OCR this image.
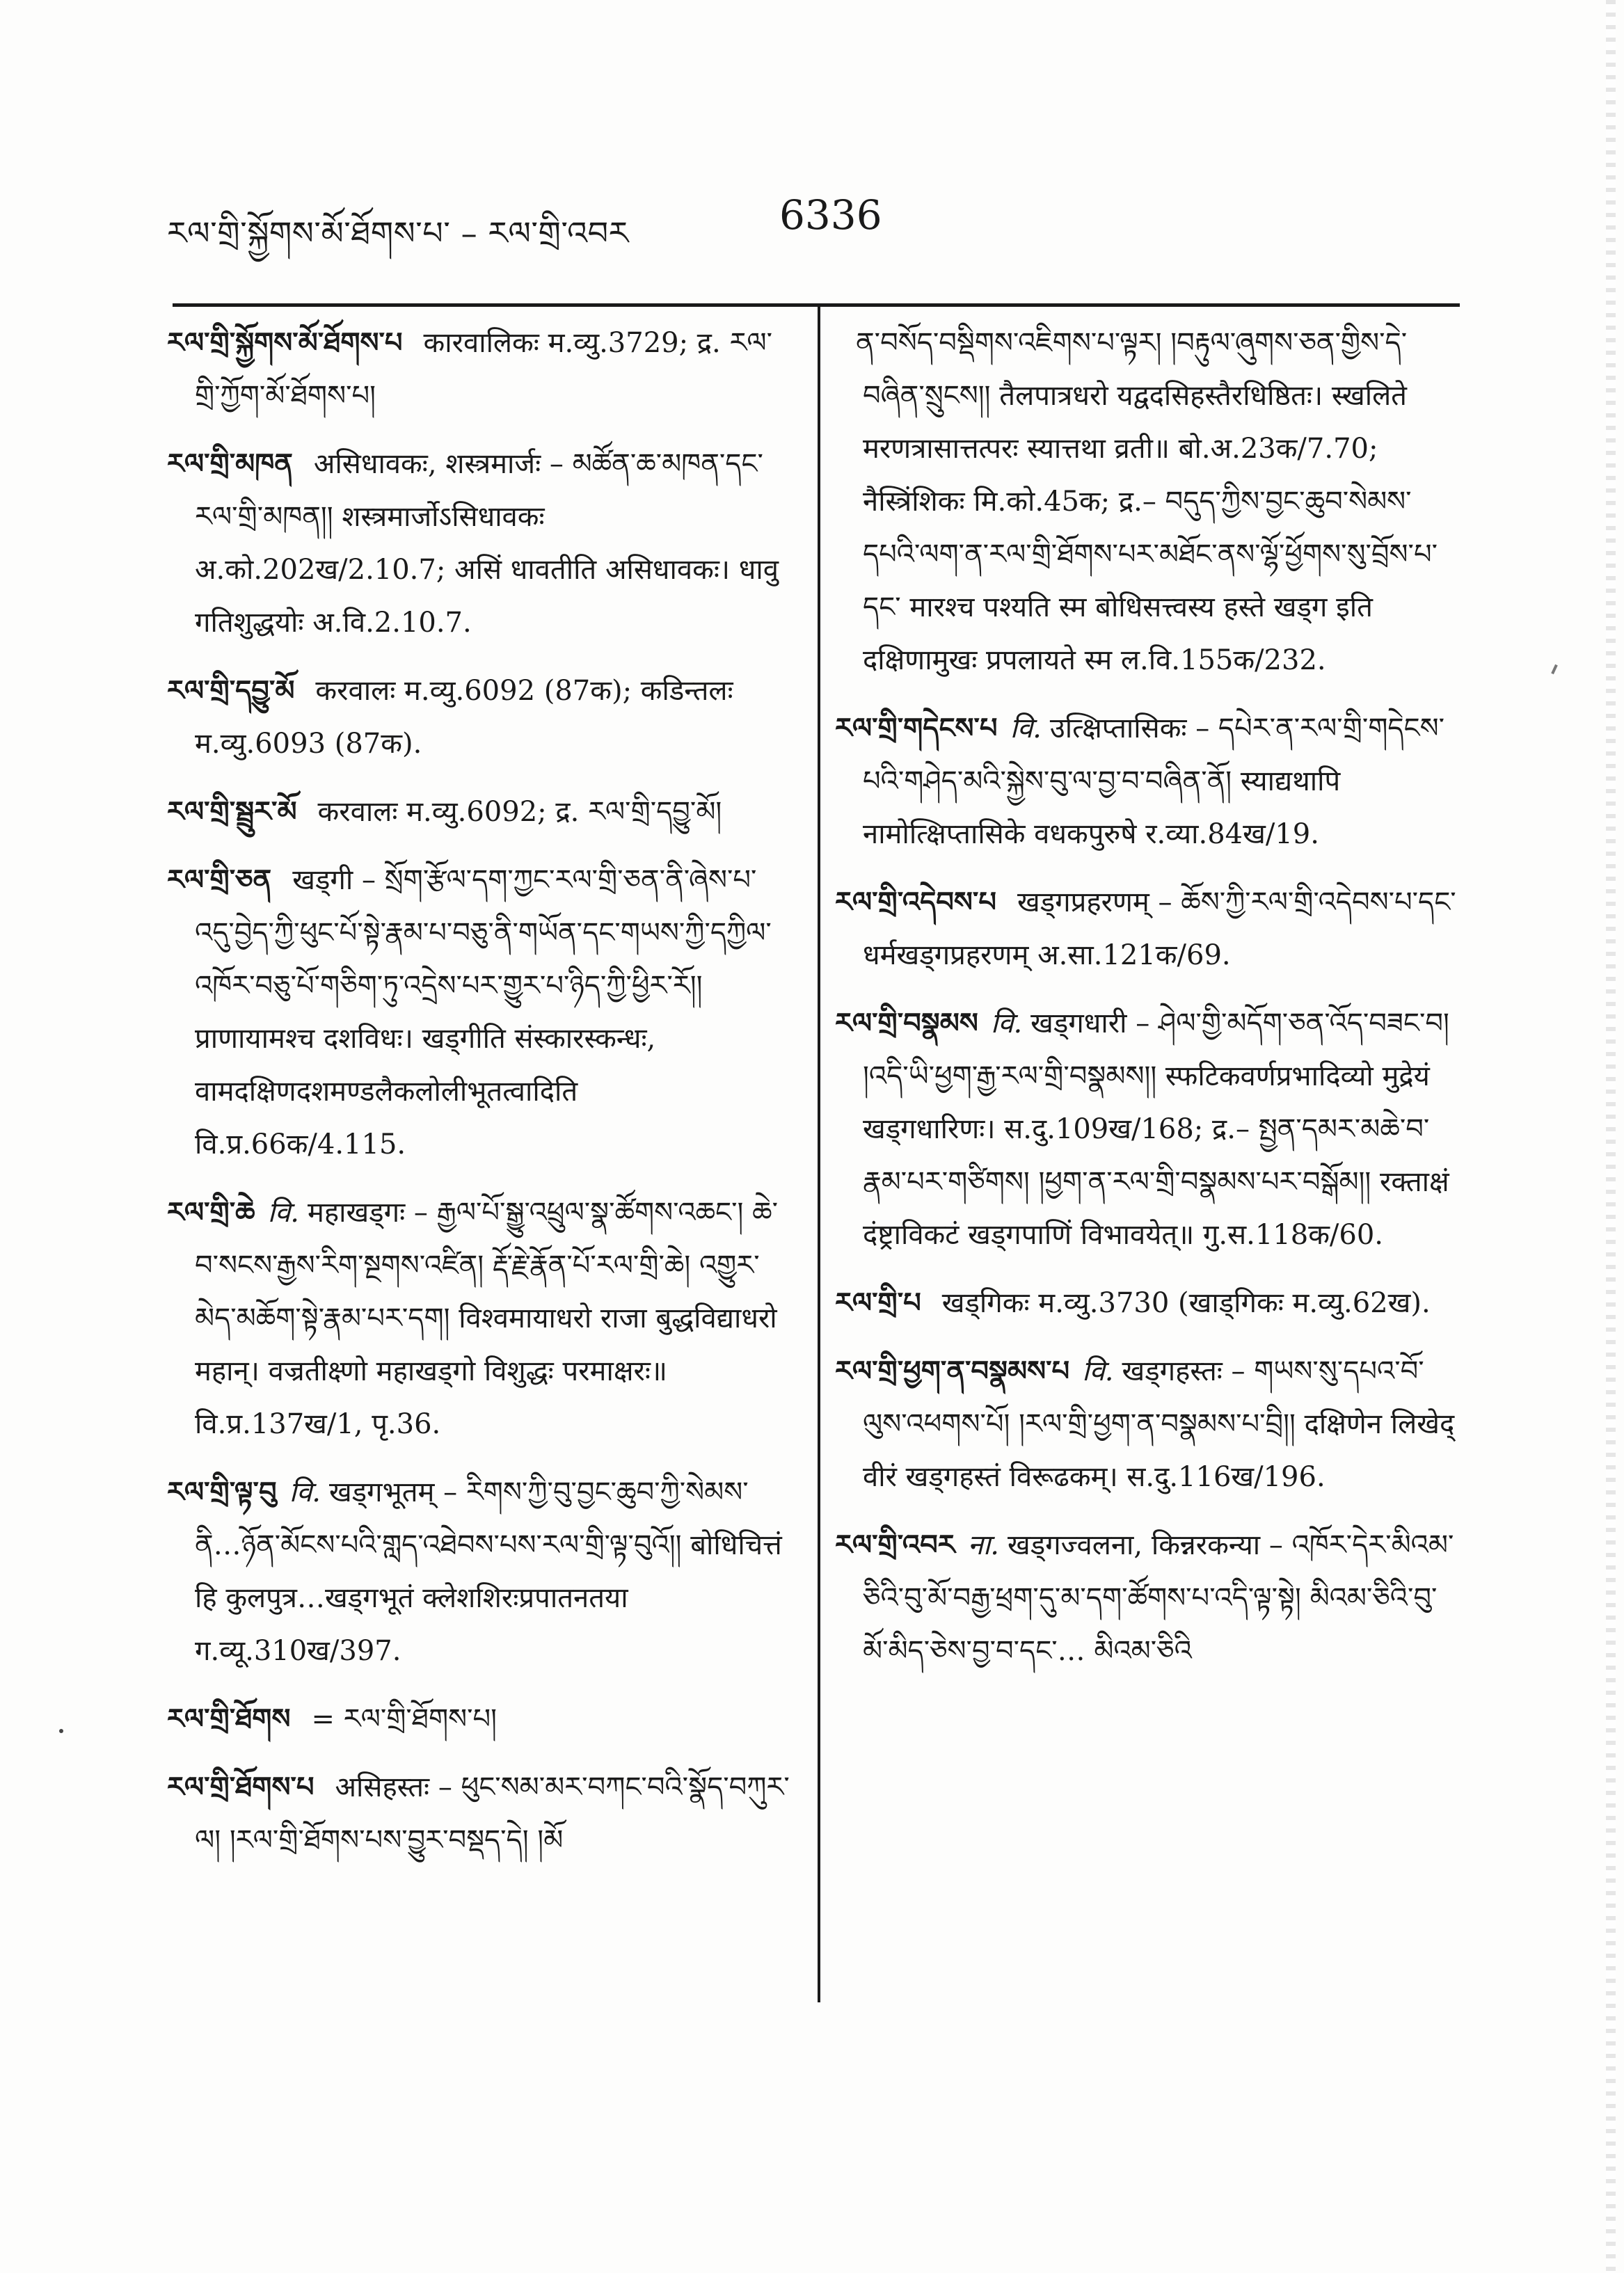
རལ་གྲི་སྐྱོགས་མོ་ཐོགས་པ་ – རལ་གྲི་འབར	6336

རལ་གྲི་སྐྱོགས་མོ་ཐོགས་པ कारवालिकः म.व्यु.3729; द्र. རལ་གྲི་ཀྱོག་མོ་ཐོགས་པ།

རལ་གྲི་མཁན असिधावकः, शस्त्रमार्जः – མཚོན་ཆ་མཁན་དང་རལ་གྲི་མཁན།། शस्त्रमार्जोऽसिधावकः अ.को.202ख/2.10.7; असिं धावतीति असिधावकः। धावु गतिशुद्धयोः अ.वि.2.10.7.

རལ་གྲི་དབྱུ་མོ करवालः म.व्यु.6092 (87क); कडिन्तलः म.व्यु.6093 (87क).

རལ་གྲི་སྦྲུར་མོ करवालः म.व्यु.6092; द्र. རལ་གྲི་དབྱུ་མོ།

རལ་གྲི་ཅན खड्गी – སྲོག་རྩོལ་དག་ཀྱང་རལ་གྲི་ཅན་ནི་ཞེས་པ་འདུ་བྱེད་ཀྱི་ཕུང་པོ་སྟེ་རྣམ་པ་བཅུ་ནི་གཡོན་དང་གཡས་ཀྱི་དཀྱིལ་འཁོར་བཅུ་པོ་གཅིག་ཏུ་འདྲེས་པར་གྱུར་པ་ཉིད་ཀྱི་ཕྱིར་རོ།། प्राणायामश्च दशविधः। खड्गीति संस्कारस्कन्धः, वामदक्षिणदशमण्डलैकलोलीभूतत्वादिति वि.प्र.66क/4.115.

རལ་གྲི་ཆེ वि. महाखड्गः – རྒྱལ་པོ་སྒྱུ་འཕྲུལ་སྣ་ཚོགས་འཆང་། ཆེ་བ་སངས་རྒྱས་རིག་སྔགས་འཛིན། རྡོ་རྗེ་རྣོན་པོ་རལ་གྲི་ཆེ། འགྱུར་མེད་མཆོག་སྟེ་རྣམ་པར་དག། विश्वमायाधरो राजा बुद्धविद्याधरो महान्। वज्रतीक्ष्णो महाखड्गो विशुद्धः परमाक्षरः॥ वि.प्र.137ख/1, पृ.36.

རལ་གྲི་ལྟ་བུ वि. खड्गभूतम् – རིགས་ཀྱི་བུ་བྱང་ཆུབ་ཀྱི་སེམས་ནི…ཉོན་མོངས་པའི་གླད་འཐེབས་པས་རལ་གྲི་ལྟ་བུའོ།། बोधिचित्तं हि कुलपुत्र…खड्गभूतं क्लेशशिरःप्रपातनतया ग.व्यू.310ख/397.

རལ་གྲི་ཐོགས = རལ་གྲི་ཐོགས་པ།

རལ་གྲི་ཐོགས་པ असिहस्तः – ཕུང་སམ་མར་བཀང་བའི་སྣོད་བཀུར་ལ། །རལ་གྲི་ཐོགས་པས་བྱུར་བསྡད་དེ། །མོ

ན་བསོད་བསྡིགས་འཇིགས་པ་ལྟར། །བརྟུལ་ཞུགས་ཅན་གྱིས་དེ་བཞིན་སྲུངས།། तैलपात्रधरो यद्वदसिहस्तैरधिष्ठितः। स्खलिते मरणत्रासात्तत्परः स्यात्तथा व्रती॥ बो.अ.23क/7.70; नैस्त्रिंशिकः मि.को.45क; द्र.– བདུད་ཀྱིས་བྱང་ཆུབ་སེམས་དཔའི་ལག་ན་རལ་གྲི་ཐོགས་པར་མཐོང་ནས་ལྷོ་ཕྱོགས་སུ་བྲོས་པ་དང་ मारश्च पश्यति स्म बोधिसत्त्वस्य हस्ते खड्ग इति दक्षिणामुखः प्रपलायते स्म ल.वि.155क/232.

རལ་གྲི་གདེངས་པ वि. उत्क्षिप्तासिकः – དཔེར་ན་རལ་གྲི་གདེངས་པའི་གཤེད་མའི་སྐྱེས་བུ་ལ་བྱ་བ་བཞིན་ནོ། स्याद्यथापि नामोत्क्षिप्तासिके वधकपुरुषे र.व्या.84ख/19.

རལ་གྲི་འདེབས་པ खड्गप्रहरणम् – ཆོས་ཀྱི་རལ་གྲི་འདེབས་པ་དང་ धर्मखड्गप्रहरणम् अ.सा.121क/69.

རལ་གྲི་བསྣམས वि. खड्गधारी – ཤེལ་གྱི་མདོག་ཅན་འོད་བཟང་བ། །འདི་ཡི་ཕྱག་རྒྱ་རལ་གྲི་བསྣམས།། स्फटिकवर्णप्रभादिव्यो मुद्रेयं खड्गधारिणः। स.दु.109ख/168; द्र.– སྤྱན་དམར་མཆེ་བ་རྣམ་པར་གཙིགས། །ཕྱག་ན་རལ་གྲི་བསྣམས་པར་བསྒོམ།། रक्ताक्षं दंष्ट्राविकटं खड्गपाणिं विभावयेत्॥ गु.स.118क/60.

རལ་གྲི་པ खड्गिकः म.व्यु.3730 (खाड्गिकः म.व्यु.62ख).

རལ་གྲི་ཕྱག་ན་བསྣམས་པ वि. खड्गहस्तः – གཡས་སུ་དཔའ་བོ་ལུས་འཕགས་པོ། །རལ་གྲི་ཕྱག་ན་བསྣམས་པ་བྲི།། दक्षिणेन लिखेद् वीरं खड्गहस्तं विरूढकम्। स.दु.116ख/196.

རལ་གྲི་འབར ना. खड्गज्वलना, किन्नरकन्या – འཁོར་དེར་མིའམ་ཅིའི་བུ་མོ་བརྒྱ་ཕྲག་དུ་མ་དག་ཚོགས་པ་འདི་ལྟ་སྟེ། མིའམ་ཅིའི་བུ་མོ་མིད་ཅེས་བྱ་བ་དང་… མིའམ་ཅིའི
